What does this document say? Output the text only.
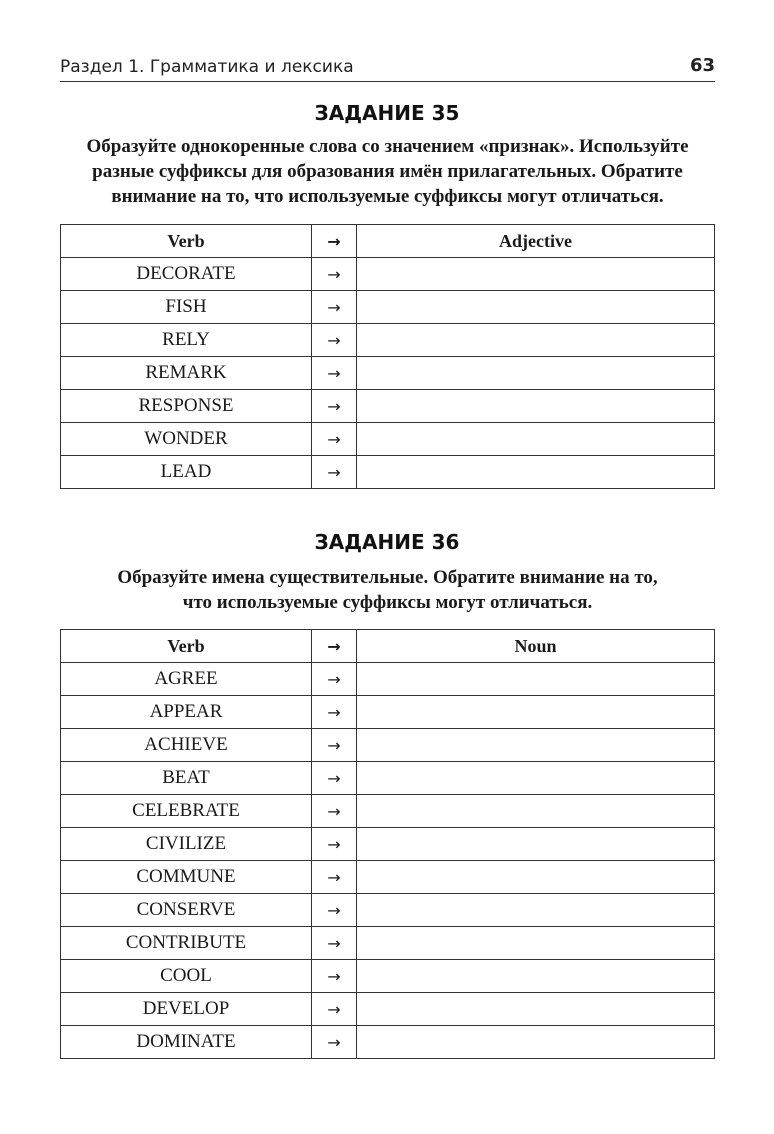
Раздел 1. Грамматика и лексика	63
ЗАДАНИЕ 35
Образуйте однокоренные слова со значением «признак». Используйте
разные суффиксы для образования имён прилагательных. Обратите
внимание на то, что используемые суффиксы могут отличаться.
Verb	→	Adjective
DECORATE	→	
FISH	→	
RELY	→	
REMARK	→	
RESPONSE	→	
WONDER	→	
LEAD	→	
ЗАДАНИЕ 36
Образуйте имена существительные. Обратите внимание на то,
что используемые суффиксы могут отличаться.
Verb	→	Noun
AGREE	→	
APPEAR	→	
ACHIEVE	→	
BEAT	→	
CELEBRATE	→	
CIVILIZE	→	
COMMUNE	→	
CONSERVE	→	
CONTRIBUTE	→	
COOL	→	
DEVELOP	→	
DOMINATE	→	
